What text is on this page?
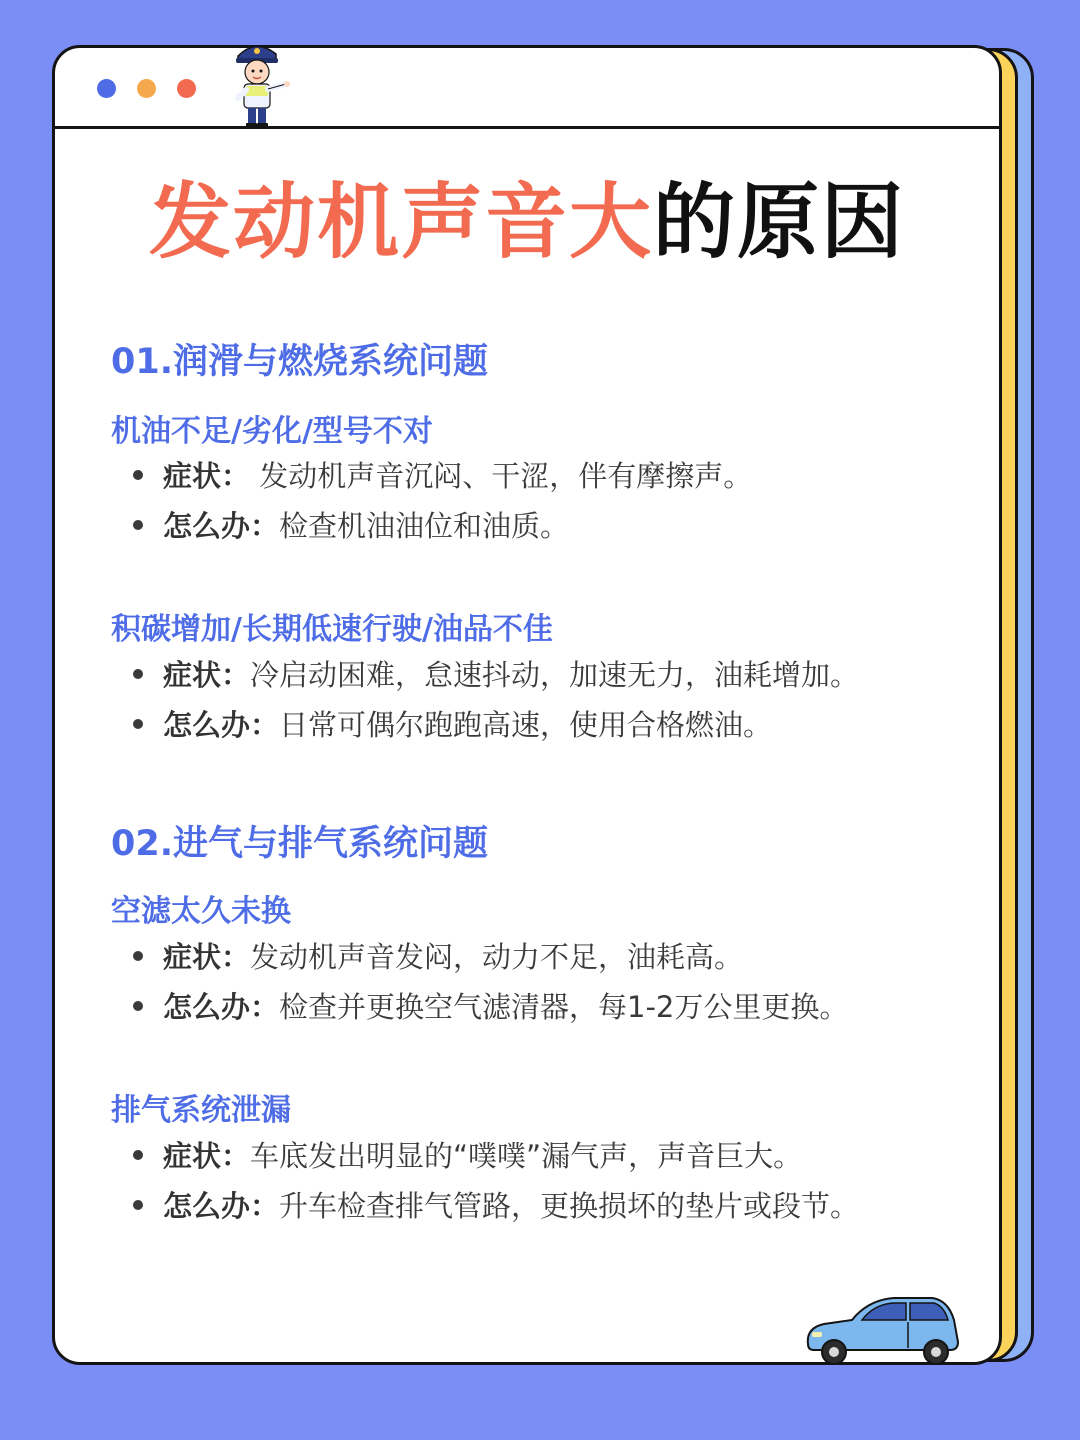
发动机声音大的原因
01.润滑与燃烧系统问题
机油不足/劣化/型号不对
症状： 发动机声音沉闷、干涩，伴有摩擦声。
怎么办：检查机油油位和油质。
积碳增加/长期低速行驶/油品不佳
症状：冷启动困难，怠速抖动，加速无力，油耗增加。
怎么办：日常可偶尔跑跑高速，使用合格燃油。
02.进气与排气系统问题
空滤太久未换
症状：发动机声音发闷，动力不足，油耗高。
怎么办：检查并更换空气滤清器，每1-2万公里更换。
排气系统泄漏
症状：车底发出明显的“噗噗”漏气声，声音巨大。
怎么办：升车检查排气管路，更换损坏的垫片或段节。
